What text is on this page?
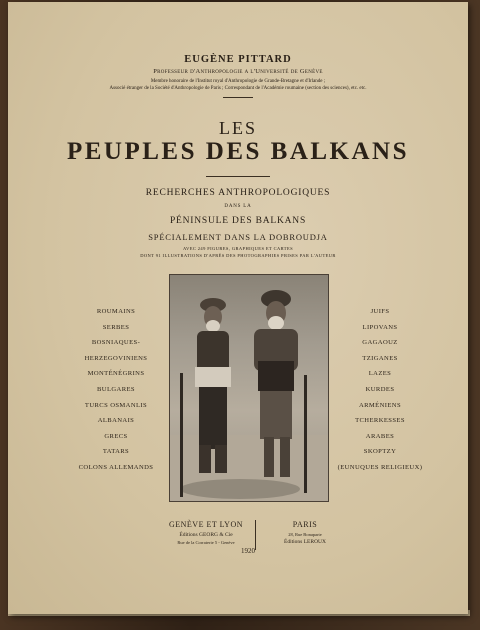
EUGÈNE PITTARD
Professeur d'Anthropologie a l'Université de Genève
Membre honoraire de l'Institut royal d'Anthropologie de Grande-Bretagne et d'Irlande ;
Associé étranger de la Société d'Anthropologie de Paris ; Correspondant de l'Académie roumaine (section des sciences), etc. etc.
LES
PEUPLES DES BALKANS
RECHERCHES ANTHROPOLOGIQUES
DANS LA
PÉNINSULE DES BALKANS
SPÉCIALEMENT DANS LA DOBROUDJA
AVEC 249 FIGURES, GRAPHIQUES ET CARTES
DONT 91 ILLUSTRATIONS D'APRÈS DES PHOTOGRAPHIES PRISES PAR L'AUTEUR
ROUMAINS
SERBES
BOSNIAQUES-
HERZEGOVINIENS
MONTÉNÉGRINS
BULGARES
TURCS OSMANLIS
ALBANAIS
GRECS
TATARS
COLONS ALLEMANDS
JUIFS
LIPOVANS
GAGAOUZ
TZIGANES
LAZES
KURDES
ARMÉNIENS
TCHERKESSES
ARABES
SKOPTZY
(EUNUQUES RELIGIEUX)
GENÈVE ET LYON
Éditions GEORG & Cie
Rue de la Corraterie 5 - Genève
PARIS
28, Rue Bonaparte
Éditions LEROUX
1920
